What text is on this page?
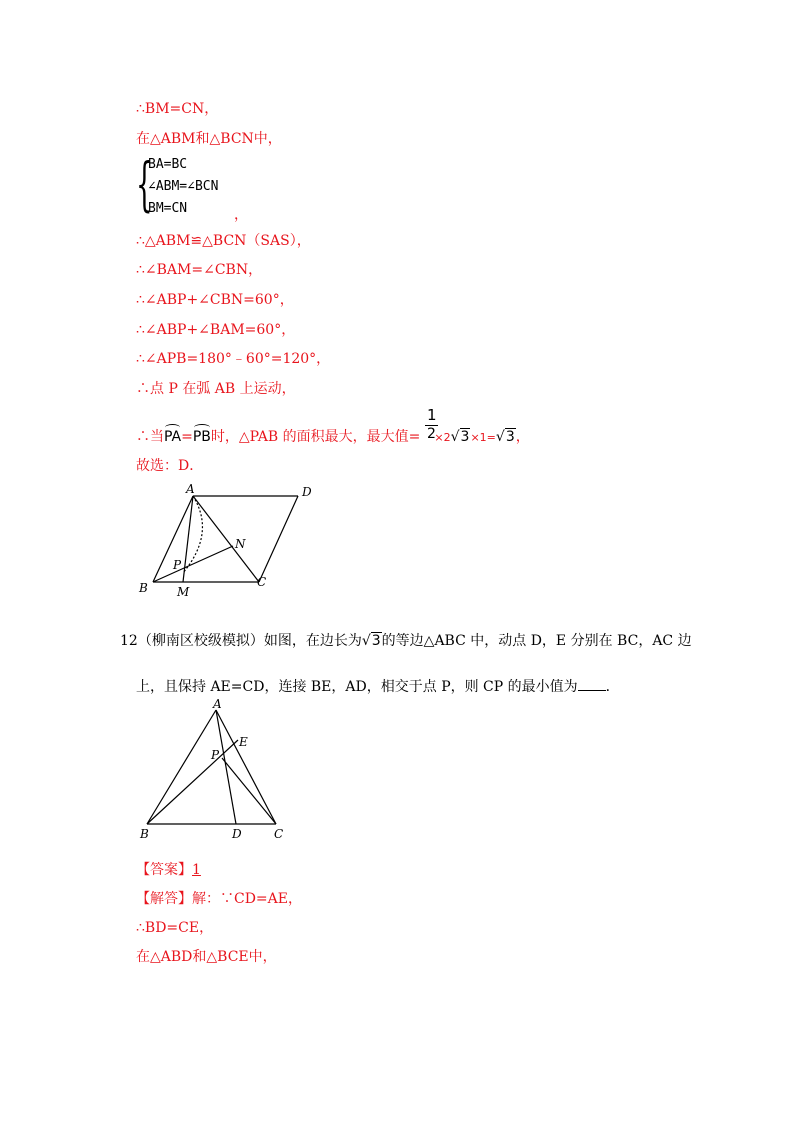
∴BM=CN，
在△ABM和△BCN中，
{
BA=BC
∠ABM=∠BCN
BM=CN	，
∴△ABM≌△BCN（SAS），
∴∠BAM=∠CBN，
∴∠ABP+∠CBN=60°，
∴∠ABP+∠BAM=60°，
∴∠APB=180°﹣60°=120°，
∴点 P 在弧 AB 上运动，
∴当PA=PB时，△PAB 的面积最大，最大值= ×2√3×1=√3，
1
2
故选：D．
A	D
N
P
B M
C
12（柳南区校级模拟）如图，在边长为√3的等边△ABC 中，动点 D，E 分别在 BC，AC 边
上，且保持 AE=CD，连接 BE，AD，相交于点 P，则 CP 的最小值为 ．
A
E
P
B	D	C
【答案】1
【解答】解：∵CD=AE，
∴BD=CE，
在△ABD和△BCE中，
